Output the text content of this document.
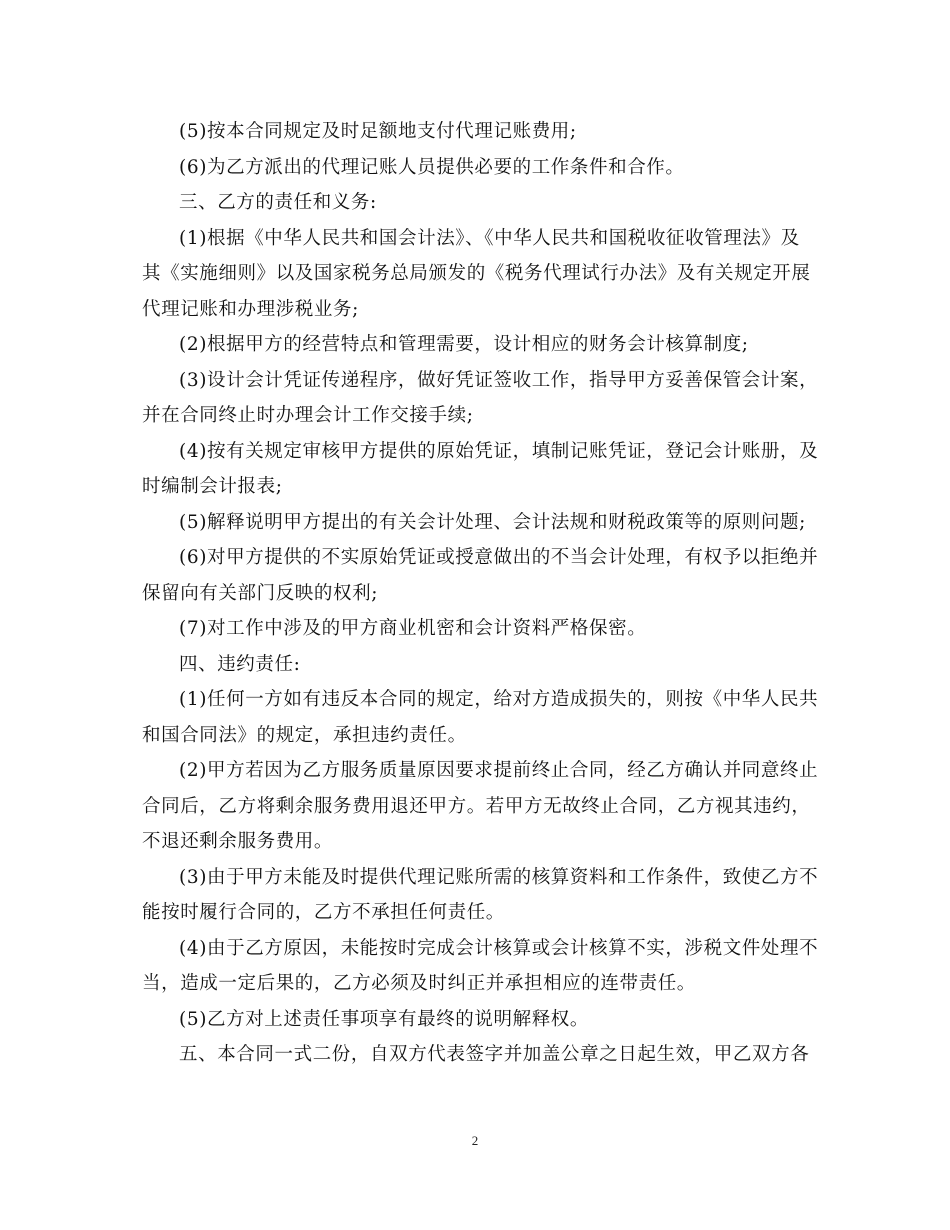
(5)按本合同规定及时足额地支付代理记账费用;

(6)为乙方派出的代理记账人员提供必要的工作条件和合作。

三、乙方的责任和义务:

(1)根据《中华人民共和国会计法》、《中华人民共和国税收征收管理法》及
其《实施细则》以及国家税务总局颁发的《税务代理试行办法》及有关规定开展
代理记账和办理涉税业务;

(2)根据甲方的经营特点和管理需要，设计相应的财务会计核算制度;

(3)设计会计凭证传递程序，做好凭证签收工作，指导甲方妥善保管会计案，
并在合同终止时办理会计工作交接手续;

(4)按有关规定审核甲方提供的原始凭证，填制记账凭证，登记会计账册，及
时编制会计报表;

(5)解释说明甲方提出的有关会计处理、会计法规和财税政策等的原则问题;

(6)对甲方提供的不实原始凭证或授意做出的不当会计处理，有权予以拒绝并
保留向有关部门反映的权利;

(7)对工作中涉及的甲方商业机密和会计资料严格保密。

四、违约责任:

(1)任何一方如有违反本合同的规定，给对方造成损失的，则按《中华人民共
和国合同法》的规定，承担违约责任。

(2)甲方若因为乙方服务质量原因要求提前终止合同，经乙方确认并同意终止
合同后，乙方将剩余服务费用退还甲方。若甲方无故终止合同，乙方视其违约，
不退还剩余服务费用。

(3)由于甲方未能及时提供代理记账所需的核算资料和工作条件，致使乙方不
能按时履行合同的，乙方不承担任何责任。

(4)由于乙方原因，未能按时完成会计核算或会计核算不实，涉税文件处理不
当，造成一定后果的，乙方必须及时纠正并承担相应的连带责任。

(5)乙方对上述责任事项享有最终的说明解释权。

五、本合同一式二份，自双方代表签字并加盖公章之日起生效，甲乙双方各

2
